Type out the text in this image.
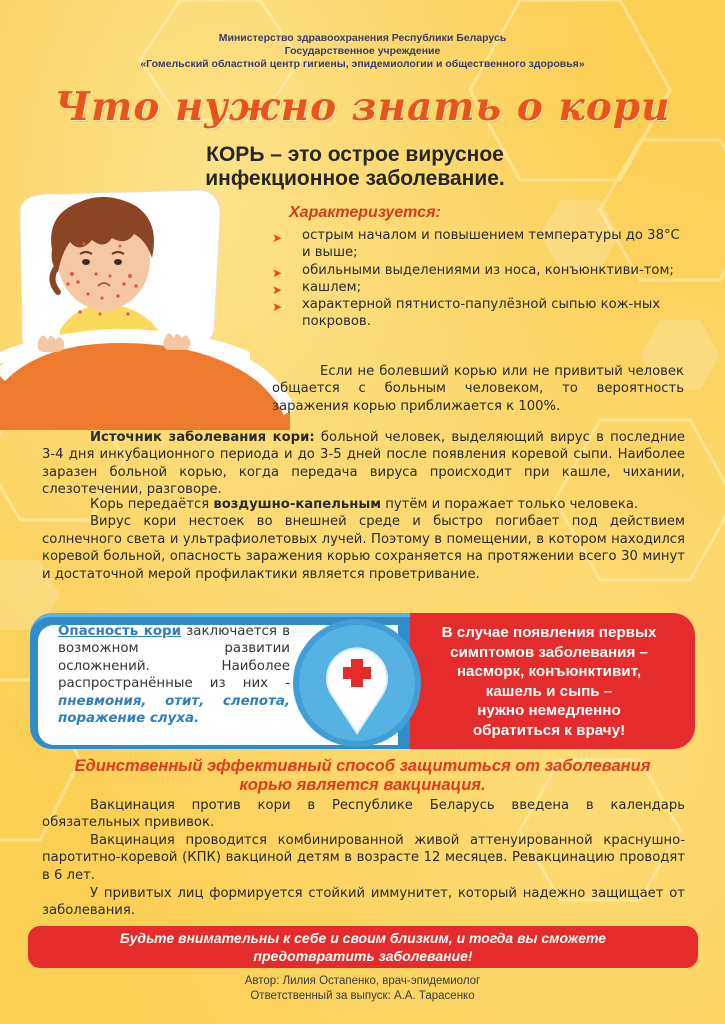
Министерство здравоохранения Республики Беларусь
Государственное учреждение
«Гомельский областной центр гигиены, эпидемиологии и общественного здоровья»
Что нужно знать о кори
КОРЬ – это острое вирусное
инфекционное заболевание.
Характеризуется:
➤ острым началом и повышением температуры до 38°С и выше;
➤ обильными выделениями из носа, конъюнктиви-том;
➤ кашлем;
➤ характерной пятнисто-папулёзной сыпью кож-ных покровов.
Если не болевший корью или не привитый человек общается с больным человеком, то вероятность заражения корью приближается к 100%.
Источник заболевания кори: больной человек, выделяющий вирус в последние 3-4 дня инкубационного периода и до 3-5 дней после появления коревой сыпи. Наиболее заразен больной корью, когда передача вируса происходит при кашле, чихании, слезотечении, разговоре.
Корь передаётся воздушно-капельным путём и поражает только человека.
Вирус кори нестоек во внешней среде и быстро погибает под действием солнечного света и ультрафиолетовых лучей. Поэтому в помещении, в котором находился коревой больной, опасность заражения корью сохраняется на протяжении всего 30 минут и достаточной мерой профилактики является проветривание.
Опасность кори заключается в возможном развитии осложнений. Наиболее распространённые из них - пневмония, отит, слепота, поражение слуха.
В случае появления первых
симптомов заболевания –
насморк, конъюнктивит,
кашель и сыпь –
нужно немедленно
обратиться к врачу!
Единственный эффективный способ защититься от заболевания
корью является вакцинация.
Вакцинация против кори в Республике Беларусь введена в календарь обязательных прививок.
Вакцинация проводится комбинированной живой аттенуированной краснушно-паротитно-коревой (КПК) вакциной детям в возрасте 12 месяцев. Ревакцинацию проводят в 6 лет.
У привитых лиц формируется стойкий иммунитет, который надежно защищает от заболевания.
Будьте внимательны к себе и своим близким, и тогда вы сможете
предотвратить заболевание!
Автор: Лилия Остапенко, врач-эпидемиолог
Ответственный за выпуск: А.А. Тарасенко
